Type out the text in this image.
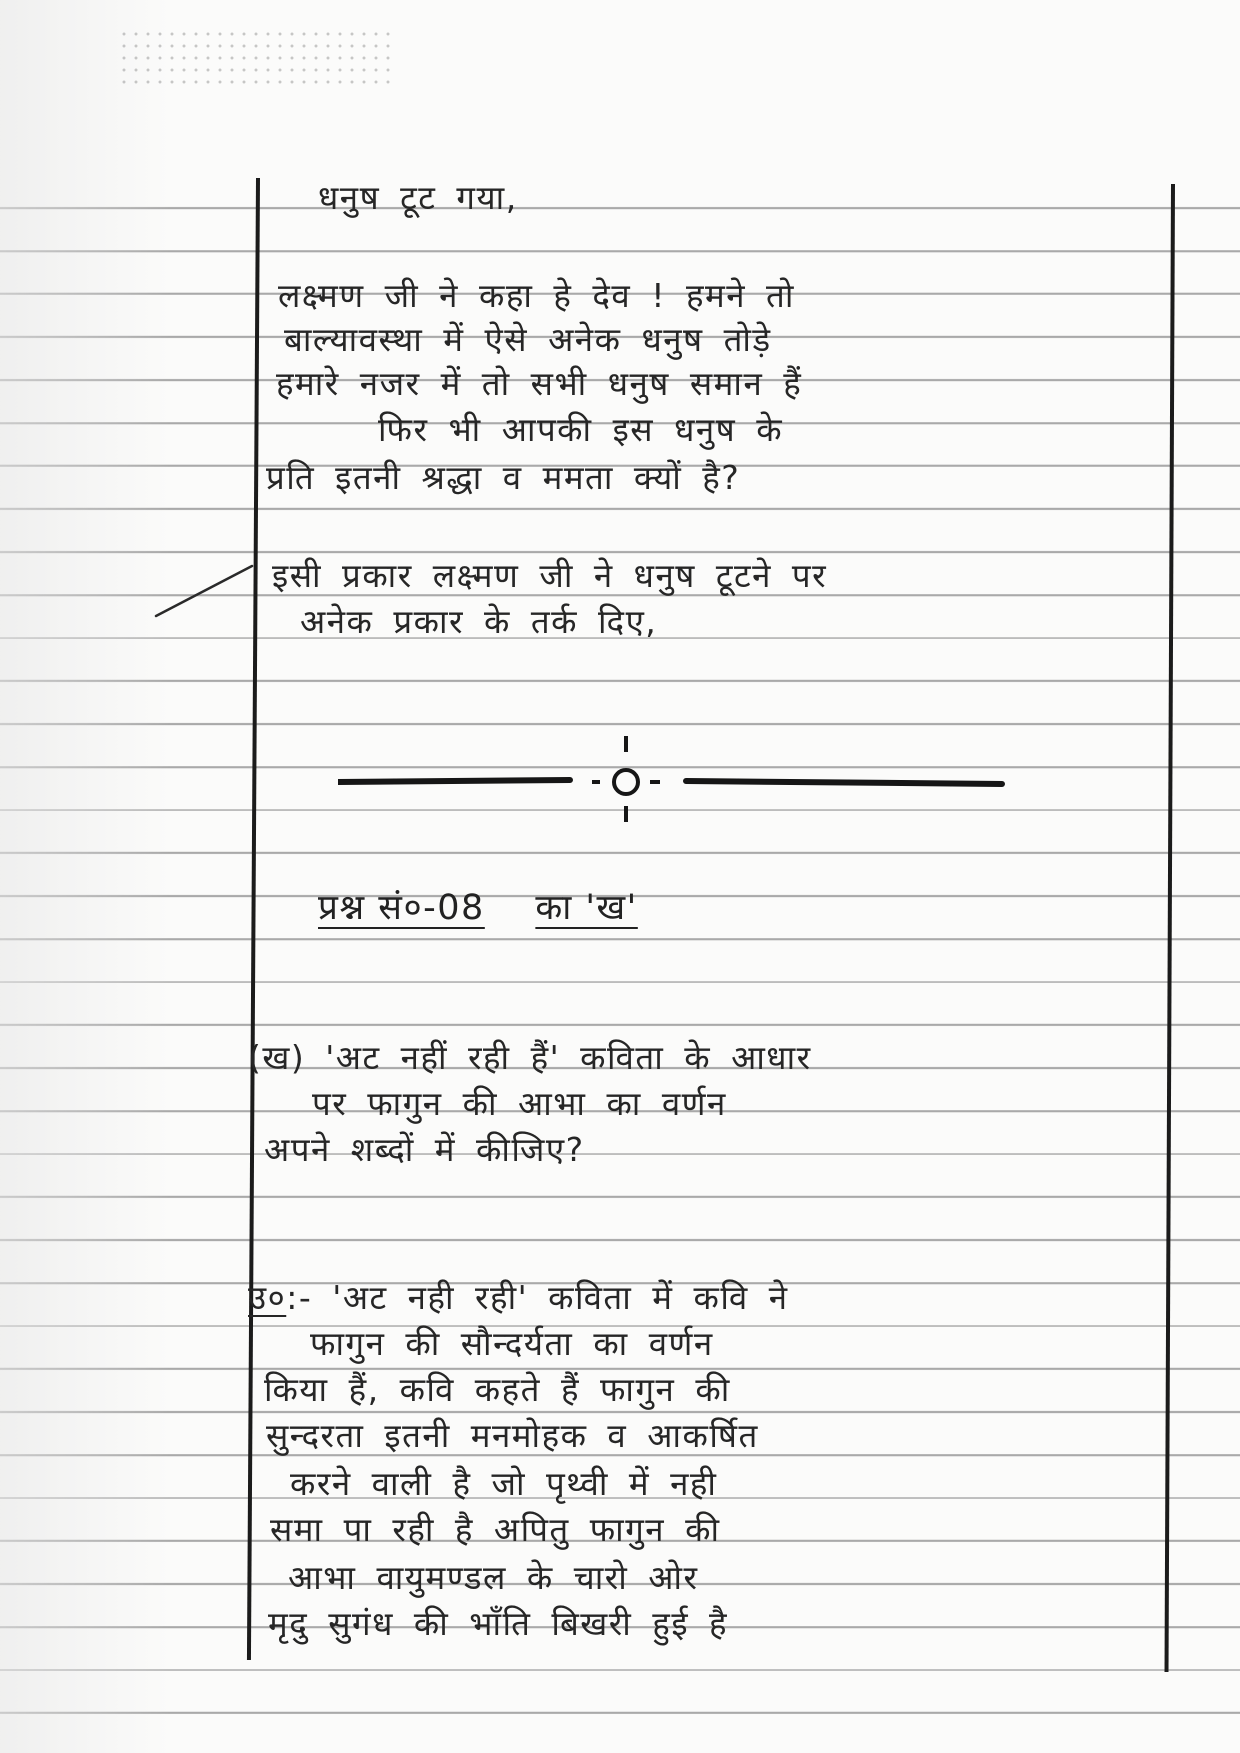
धनुष टूट गया,
लक्ष्मण जी ने कहा हे देव ! हमने तो
बाल्यावस्था में ऐसे अनेक धनुष तोड़े
हमारे नजर में तो सभी धनुष समान हैं
फिर भी आपकी इस धनुष के
प्रति इतनी श्रद्धा व ममता क्यों है?
इसी प्रकार लक्ष्मण जी ने धनुष टूटने पर
अनेक प्रकार के तर्क दिए,
प्रश्न सं०-08 का 'ख'
(ख) 'अट नहीं रही हैं' कविता के आधार
पर फागुन की आभा का वर्णन
अपने शब्दों में कीजिए?
उ०:- 'अट नही रही' कविता में कवि ने
फागुन की सौन्दर्यता का वर्णन
किया हैं, कवि कहते हैं फागुन की
सुन्दरता इतनी मनमोहक व आकर्षित
करने वाली है जो पृथ्वी में नही
समा पा रही है अपितु फागुन की
आभा वायुमण्डल के चारो ओर
मृदु सुगंध की भाँति बिखरी हुई है
